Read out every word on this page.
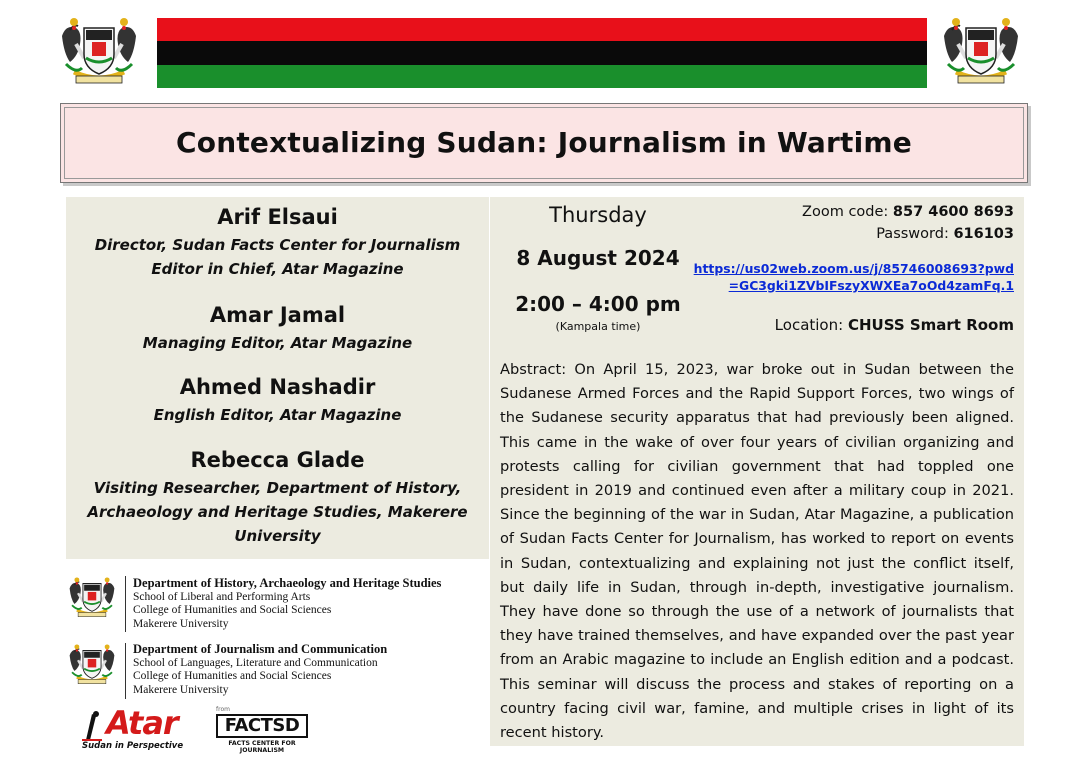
Contextualizing Sudan: Journalism in Wartime

Arif Elsaui

Director, Sudan Facts Center for Journalism

Editor in Chief, Atar Magazine

Amar Jamal

Managing Editor, Atar Magazine

Ahmed Nashadir

English Editor, Atar Magazine

Rebecca Glade

Visiting Researcher, Department of History,

Archaeology and Heritage Studies, Makerere

University

Thursday
8 August 2024
2:00 – 4:00 pm
(Kampala time)
Zoom code: 857 4600 8693
Password: 616103
https://us02web.zoom.us/j/85746008693?pwd
=GC3gki1ZVbIFszyXWXEa7oOd4zamFq.1
Location: CHUSS Smart Room

Abstract: On April 15, 2023, war broke out in Sudan between the Sudanese Armed Forces and the Rapid Support Forces, two wings of the Sudanese security apparatus that had previously been aligned. This came in the wake of over four years of civilian organizing and protests calling for civilian government that had toppled one president in 2019 and continued even after a military coup in 2021. Since the beginning of the war in Sudan, Atar Magazine, a publication of Sudan Facts Center for Journalism, has worked to report on events in Sudan, contextualizing and explaining not just the conflict itself, but daily life in Sudan, through in-depth, investigative journalism. They have done so through the use of a network of journalists that they have trained themselves, and have expanded over the past year from an Arabic magazine to include an English edition and a podcast. This seminar will discuss the process and stakes of reporting on a country facing civil war, famine, and multiple crises in light of its recent history.

Department of History, Archaeology and Heritage Studies
School of Liberal and Performing Arts
College of Humanities and Social Sciences
Makerere University
Department of Journalism and Communication
School of Languages, Literature and Communication
College of Humanities and Social Sciences
Makerere University
Atar
Sudan in Perspective
from
FACTSD
FACTS CENTER FOR JOURNALISM
